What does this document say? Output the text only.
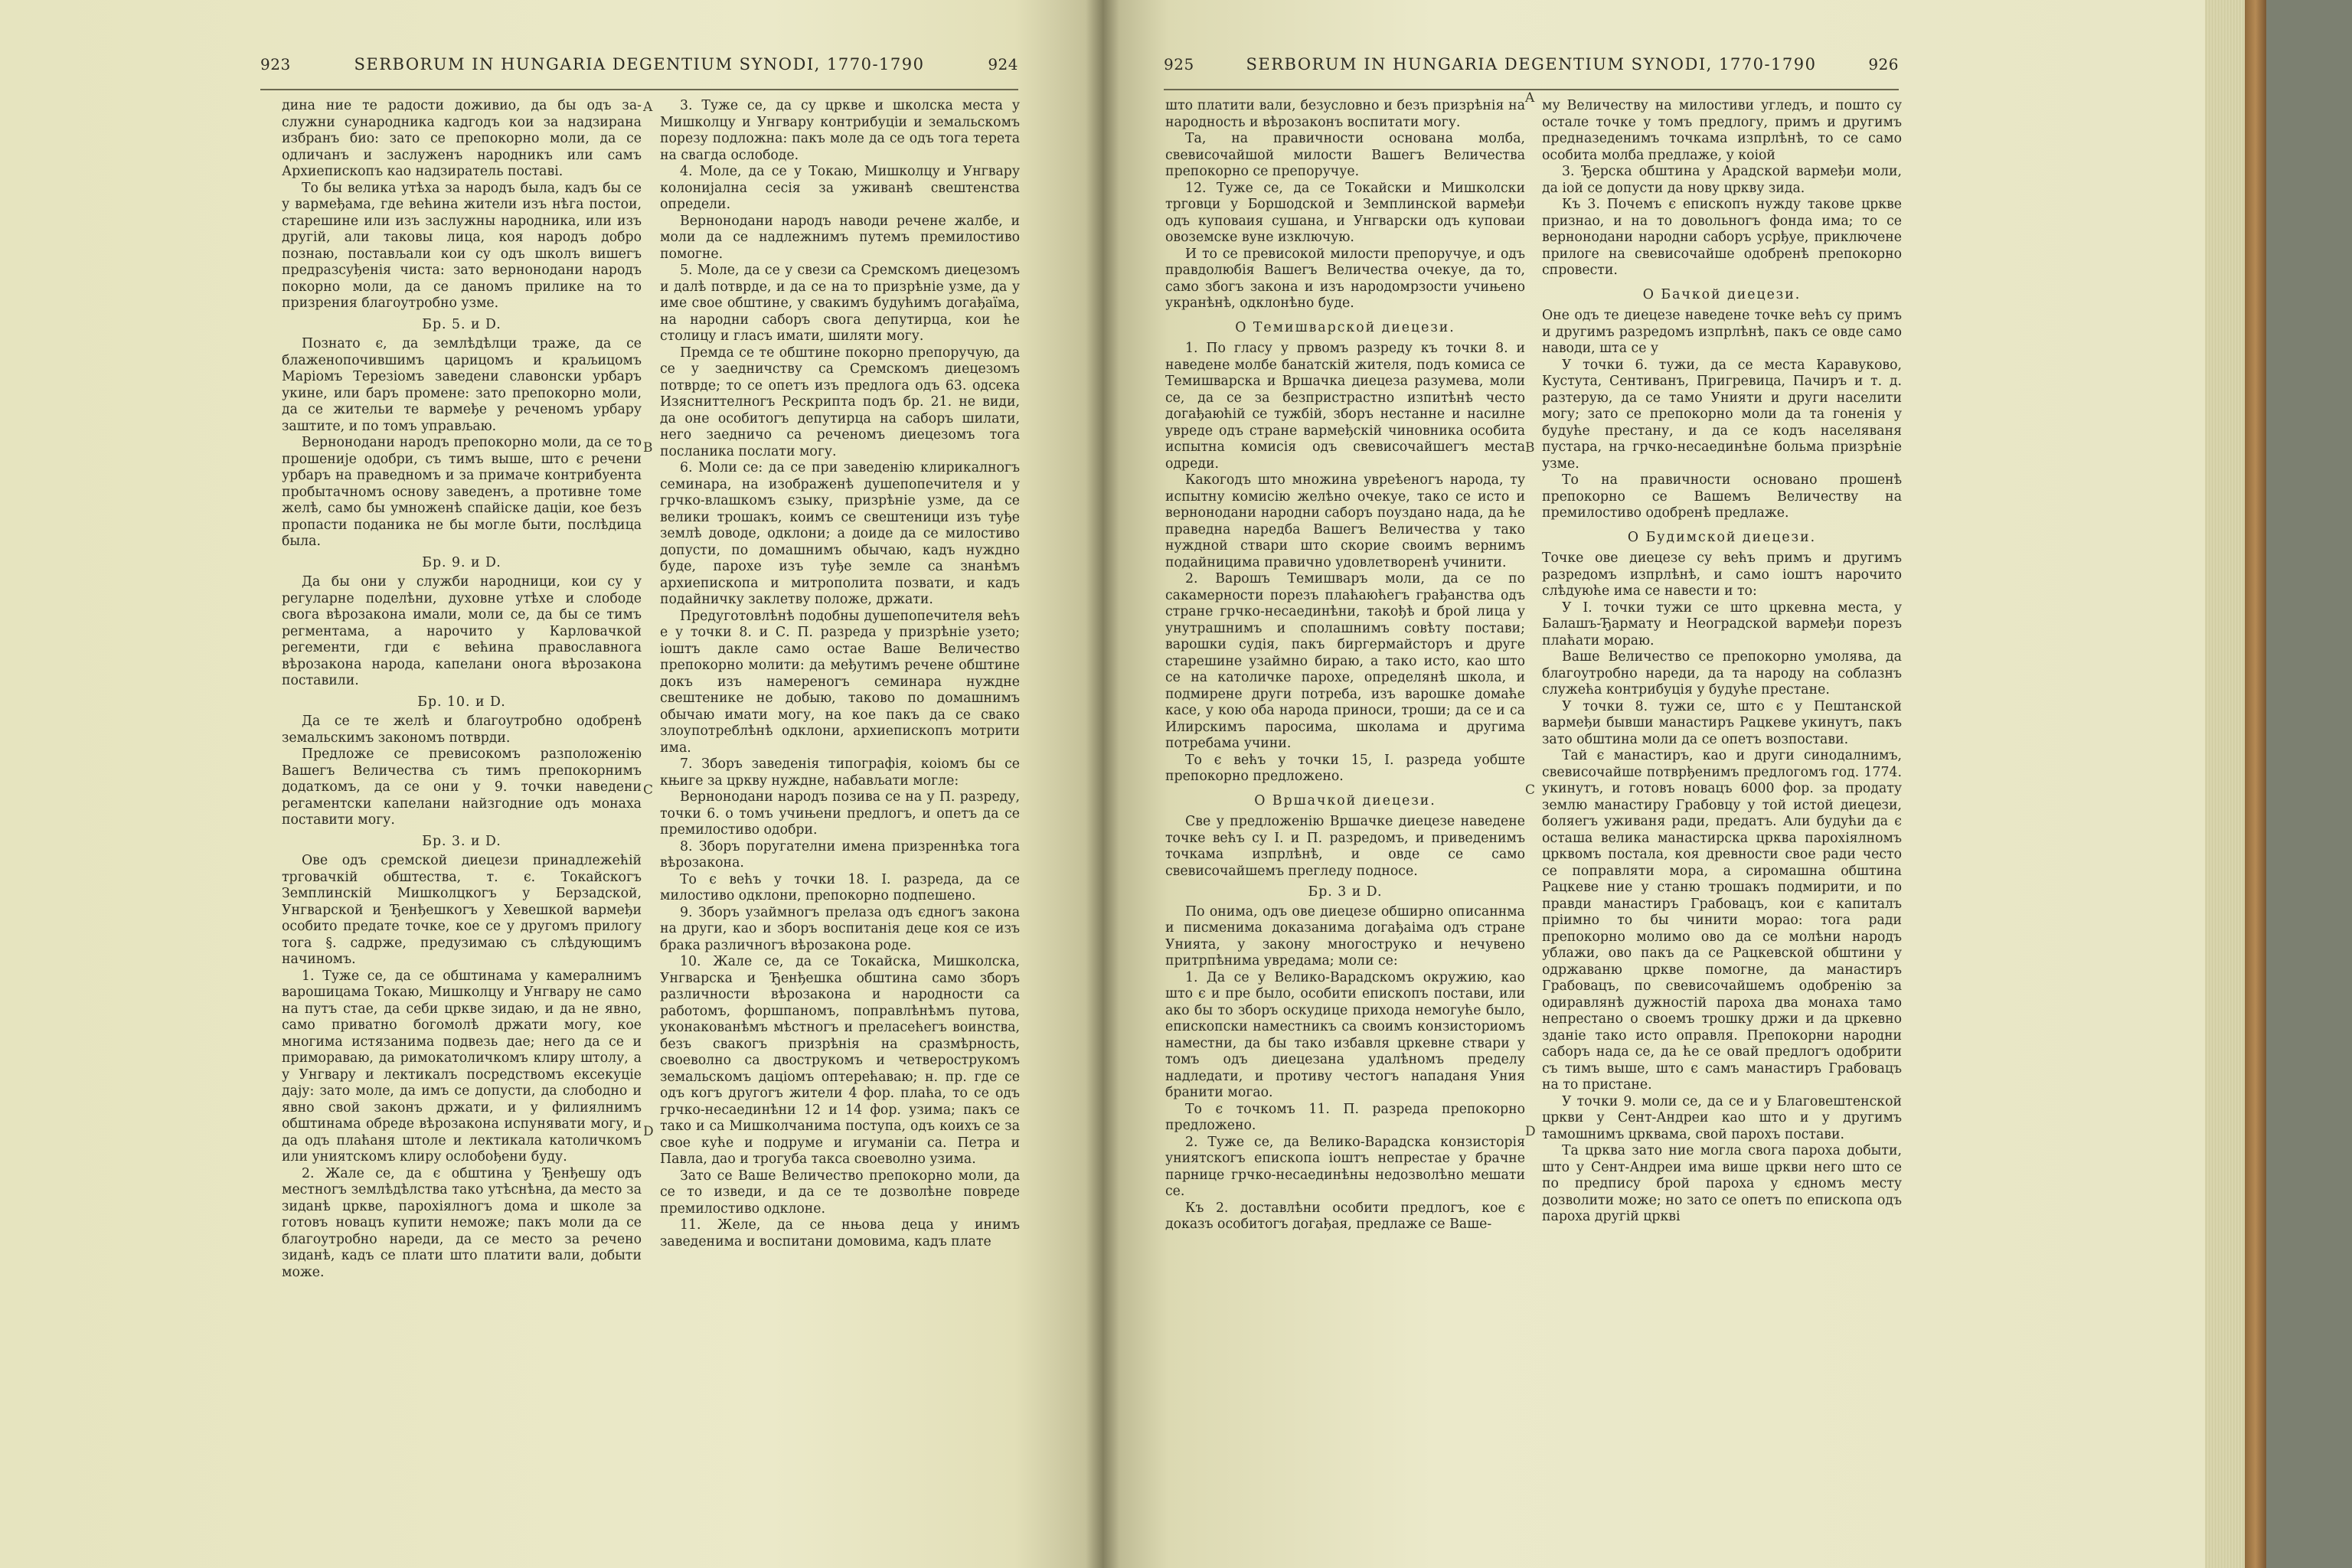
923	SERBORUM IN HUNGARIA DEGENTIUM SYNODI, 1770-1790	924

дина ние те радости доживио, да бы одъ за- служни сународника кадгодъ кои за надзирана избранъ био: зато се препокорно моли, да се одличанъ и заслуженъ народникъ или самъ Архиепископъ као надзиратель поставі.

То бы велика утѣха за народъ была, кадъ бы се у вармеђама, где већина жители изъ нѣга постои, старешине или изъ заслужны народника, или изъ другій, али таковы лица, коя народъ добро познаю, постављали кои су одъ школъ вишегъ предразсуђенія чиста: зато вернонодани народъ покорно моли, да се даномъ прилике на то призрения благоутробно узме.

Бр. 5. и D.

Познато є, да землѣдѣлци траже, да се блаженопочившимъ царицомъ и краљицомъ Маріомъ Терезіомъ заведени славонски урбаръ укине, или баръ промене: зато препокорно моли, да се жительи те вармеђе у реченомъ урбару заштите, и по томъ управљаю.

Вернонодани народъ препокорно моли, да се то прошеније одобри, съ тимъ выше, што є речени урбаръ на праведномъ и за примаче контрибуента пробытачномъ основу заведенъ, а противне томе желѣ, само бы умноженѣ спайіске даціи, кое безъ пропасти поданика не бы могле быти, послѣдица была.

Бр. 9. и D.

Да бы они у служби народници, кои су у регуларне поделѣни, духовне утѣхе и слободе свога вѣрозакона имали, моли се, да бы се тимъ регментама, а нарочито у Карловачкой регементи, гди є већина православнога вѣрозакона народа, капелани онога вѣрозакона поставили.

Бр. 10. и D.

Да се те желѣ и благоутробно одобренѣ земальскимъ закономъ потврди.

Предложе се превисокомъ разположенію Вашегъ Величества съ тимъ препокорнимъ додаткомъ, да се они у 9. точки наведени регаментски капелани найзгодние одъ монаха поставити могу.

Бр. 3. и D.

Ове одъ сремской диецези принадлежећій трговачкій обштества, т. є. Токайскогъ Земплинскій Мишколцкогъ у Берзадской, Унгварской и Ђенђешкогъ у Хевешкой вармеђи особито предате точке, кое се у другомъ прилогу тога §. садрже, предузимаю съ слѣдующимъ начиномъ.

1. Туже се, да се обштинама у камералнимъ варошицама Токаю, Мишколцу и Унгвару не само на путъ стае, да себи цркве зидаю, и да не явно, само приватно богомолѣ држати могу, кое многима истязанима подвезь дае; него да се и примораваю, да римокатоличкомъ клиру штолу, а у Унгвару и лектикалъ посредствомъ ексекуціе дају: зато моле, да имъ се допусти, да слободно и явно свой законъ држати, и у филиялнимъ обштинама обреде вѣрозакона испунявати могу, и да одъ плаћаня штоле и лектикала католичкомъ или униятскомъ клиру ослобођени буду.

2. Жале се, да є обштина у Ђенђешу одъ местногъ землѣдѣлства тако утѣснѣна, да место за зиданѣ цркве, пароxіялногъ дома и школе за готовъ новацъ купити неможе; пакъ моли да се благоутробно нареди, да се место за речено зиданѣ, кадъ се плати што платити вали, добыти може.

3. Туже се, да су цркве и школска места у Мишколцу и Унгвару контрибуціи и земальскомъ порезу подложна: пакъ моле да се одъ тога терета на свагда ослободе.

4. Моле, да се у Токаю, Мишколцу и Унгвару колонијална сесія за уживанѣ свештенства определи.

Вернонодани народъ наводи речене жалбе, и моли да се надлежнимъ путемъ премилостиво помогне.

5. Моле, да се у свези са Сремскомъ диецезомъ и далѣ потврде, и да се на то призрѣніе узме, да у име свое обштине, у свакимъ будућимъ догађаїма, на народни саборъ свога депутирца, кои ће столицу и гласъ имати, шиляти могу.

Премда се те обштине покорно препоручую, да се у заедничству са Сремскомъ диецезомъ потврде; то се опетъ изъ предлога одъ 63. одсека Изясниттелногъ Рескрипта подъ бр. 21. не види, да оне особитогъ депутирца на саборъ шилати, него заедничо са реченомъ диецезомъ тога посланика послати могу.

6. Моли се: да се при заведенію клирикалногъ семинара, на изображенѣ душепопечителя и у грчко-влашкомъ єзыку, призрѣніе узме, да се велики трошакъ, коимъ се свештеници изъ туђе землѣ доводе, одклони; а доиде да се милостиво допусти, по домашнимъ обычаю, кадъ нуждно буде, парохе изъ туђе земле са знанѣмъ архиепископа и митрополита позвати, и кадъ подайничку заклетву положе, држати.

Предуготовлѣнѣ подобны душепопечителя већъ е у точки 8. и С. П. разреда у призрѣніе узето; іоштъ дакле само остае Ваше Величество препокорно молити: да међутимъ речене обштине докъ изъ намереногъ семинара нуждне свештенике не добыю, таково по домашнимъ обычаю имати могу, на кое пакъ да се свако злоупотреблѣнѣ одклони, архиепископъ мотрити има.

7. Зборъ заведенія типографія, коіомъ бы се књиге за цркву нуждне, набављати могле:

Вернонодани народъ позива се на у П. разреду, точки 6. о томъ учињени предлогъ, и опетъ да се премилостиво одобри.

8. Зборъ поругателни имена призреннѣка тога вѣрозакона.

То є већъ у точки 18. І. разреда, да се милостиво одклони, препокорно подпешено.

9. Зборъ узаймногъ прелаза одъ єдногъ закона на други, као и зборъ воспитанія деце коя се изъ брака различногъ вѣрозакона роде.

10. Жале се, да се Токайска, Мишколска, Унгварска и Ђенђешка обштина само зборъ различности вѣрозакона и народности са работомъ, форшпаномъ, поправлѣнѣмъ путова, уконакованѣмъ мѣстногъ и преласећегъ воинства, безъ свакогъ призрѣнія на сразмѣрность, своеволно са двострукомъ и четверострукомъ земальскомъ даціомъ оптерећаваю; н. пр. где се одъ когъ другогъ жители 4 фор. плаћа, то се одъ грчко-несаединѣни 12 и 14 фор. узима; пакъ се тако и са Мишколчанима поступа, одъ коихъ се за свое куће и подруме и игуманіи са. Петра и Павла, дао и трогуба такса своеволно узима.

Зато се Ваше Величество препокорно моли, да се то изведи, и да се те дозволѣне повреде премилостиво одклоне.

11. Желе, да се нњова деца у инимъ заведенима и воспитани домовима, кадъ плате

A
B
C
D
925	SERBORUM IN HUNGARIA DEGENTIUM SYNODI, 1770-1790	926

што платити вали, безусловно и безъ призрѣнія на народность и вѣрозаконъ воспитати могу.

Та, на правичности основана молба, свевисочайшой милости Вашегъ Величества препокорно се препоручуе.

12. Туже се, да се Токайски и Мишколски трговци у Боршодской и Земплинской вармеђи одъ куповаия сушана, и Унгварски одъ куповаи овоземске вуне изключую.

И то се превисокой милости препоручуе, и одъ правдолюбія Вашегъ Величества очекуе, да то, само збогъ закона и изъ народомрзости учињено укранѣнѣ, одклонѣно буде.

О Темишварской диецези.

1. По гласу у првомъ разреду къ точки 8. и наведене молбе банатскій жителя, подъ комиса се Темишварска и Вршачка диецеза разумева, моли се, да се за безпристрастно изпитѣнѣ често догађаюћій се тужбій, зборъ нестанне и насилне увреде одъ стране вармеђскій чиновника особита испытна комисія одъ свевисочайшегъ места одреди.

Какогодъ што множина увреѣеногъ народа, ту испытну комисію желѣно очекуе, тако се исто и вернонодани народни саборъ поуздано нада, да ће праведна наредба Вашегъ Величества у тако нуждной ствари што скорие своимъ вернимъ подайницима правично удовлетворенѣ учинити.

2. Варошъ Темишваръ моли, да се по сакамерности порезъ плаћаюћегъ грађанства одъ стране грчко-несаединѣни, такођѣ и брой лица у унутрашнимъ и сполашнимъ совѣту постави; варошки судія, пакъ биргермайсторъ и друге старешине узаймно бираю, а тако исто, као што се на католичке парохе, определянѣ школа, и подмирене други потреба, изъ варошке домаће касе, у кою оба народа приноси, троши; да се и са Илирскимъ паросима, школама и другима потребама учини.

То є већъ у точки 15, І. разреда уобште препокорно предложено.

О Вршачкой диецези.

Све у предложенію Вршачке диецезе наведене точке већъ су І. и П. разредомъ, и приведенимъ точкама изпрлѣнѣ, и овде се само свевисочайшемъ прегледу подносе.

Бр. 3 и D.

По онима, одъ ове диецезе обширно описаннма и писменима доказанима догађаіма одъ стране Унията, у закону многоструко и нечувено притрпѣнима увредама; моли се:

1. Да се у Велико-Варадскомъ окружию, као што є и пре было, особити епископъ постави, или ако бы то зборъ оскудице прихода немогуће было, епископски наместникъ са своимъ конзисториомъ наместни, да бы тако избавля цркевне ствари у томъ одъ диецезана удалѣномъ пределу надледати, и противу честогъ нападаня Уния бранити могао.

То є точкомъ 11. П. разреда препокорно предложено.

2. Туже се, да Велико-Варадска конзисторія униятскогъ епископа іоштъ непрестае у брачне парнице грчко-несаединѣны недозволѣно мешати се.

Къ 2. доставлѣни особити предлогъ, кое є доказъ особитогъ догађая, предлаже се Ваше-

му Величеству на милостиви угледъ, и пошто су остале точке у томъ предлогу, примъ и другимъ предназеденимъ точкама изпрлѣнѣ, то се само особита молба предлаже, у коіой

3. Ђерска обштина у Арадской вармеђи моли, да іой се допусти да нову цркву зида.

Къ 3. Почемъ є епископъ нужду такове цркве признао, и на то довольногъ фонда има; то се вернонодани народни саборъ усрђуе, приключене прилоге на свевисочайше одобренѣ препокорно спровести.

О Бачкой диецези.

Оне одъ те диецезе наведене точке већъ су примъ и другимъ разредомъ изпрлѣнѣ, пакъ се овде само наводи, шта се у

У точки 6. тужи, да се места Каравуково, Кустута, Сентиванъ, Пригревица, Пачиръ и т. д. разтерую, да се тамо Унияти и други населити могу; зато се препокорно моли да та гоненія у будуће престану, и да се кодъ населяваня пустара, на грчко-несаединѣне больма призрѣніе узме.

То на правичности основано прошенѣ препокорно се Вашемъ Величеству на премилостиво одобренѣ предлаже.

О Будимской диецези.

Точке ове диецезе су већъ примъ и другимъ разредомъ изпрлѣнѣ, и само іоштъ нарочито слѣдуюће има се навести и то:

У І. точки тужи се што цркевна места, у Балашъ-Ђармату и Неоградской вармеђи порезъ плаћати мораю.

Ваше Величество се препокорно умолява, да благоутробно нареди, да та народу на соблазнъ служећа контрибуція у будуће престане.

У точки 8. тужи се, што є у Пештанской вармеђи бывши манастиръ Рацкеве укинутъ, пакъ зато обштина моли да се опетъ возпостави.

Тай є манастиръ, као и други синодалнимъ, свевисочайше потврђенимъ предлогомъ год. 1774. укинутъ, и готовъ новацъ 6000 фор. за продату землю манастиру Грабовцу у той истой диецези, боляегъ уживаня ради, предатъ. Али будући да є осташа велика манастирска црква пароxіялномъ црквомъ постала, коя древности свое ради често се поправляти мора, а сиромашна обштина Рацкеве ние у станю трошакъ подмирити, и по правди манастиръ Грабовацъ, кои є капиталъ пріимно то бы чинити морао: тога ради препокорно молимо ово да се молѣни народъ ублажи, ово пакъ да се Рацкевской обштини у одржаваню цркве помогне, да манастиръ Грабовацъ, по свевисочайшемъ одобренію за одиравлянѣ дужностій пароха два монаха тамо непрестано о своемъ трошку држи и да цркевно зданіе тако исто оправля. Препокорни народни саборъ нада се, да ће се овай предлогъ одобрити съ тимъ выше, што є самъ манастиръ Грабовацъ на то пристане.

У точки 9. моли се, да се и у Благовештенской цркви у Сент-Андреи као што и у другимъ тамошнимъ црквама, свой парохъ постави.

Та црква зато ние могла свога пароха добыти, што у Сент-Андреи има више цркви него што се по предписy брой пароха у єдномъ месту дозволити може; но зато се опетъ по епископа одъ пароха другій цркві

A
B
C
D
